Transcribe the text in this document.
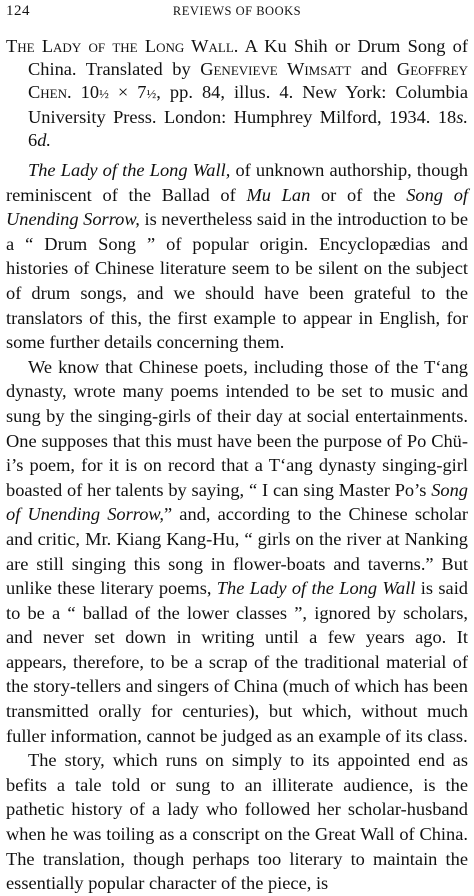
124	REVIEWS OF BOOKS
The Lady of the Long Wall. A Ku Shih or Drum Song of China. Translated by Genevieve Wimsatt and Geoffrey Chen. 10½ × 7½, pp. 84, illus. 4. New York: Columbia University Press. London: Humphrey Milford, 1934. 18s. 6d.

The Lady of the Long Wall, of unknown authorship, though reminiscent of the Ballad of Mu Lan or of the Song of Unending Sorrow, is nevertheless said in the introduction to be a “ Drum Song ” of popular origin. Encyclopædias and histories of Chinese literature seem to be silent on the subject of drum songs, and we should have been grateful to the translators of this, the first example to appear in English, for some further details concerning them.

We know that Chinese poets, including those of the T‘ang dynasty, wrote many poems intended to be set to music and sung by the singing-girls of their day at social entertainments. One supposes that this must have been the purpose of Po Chü-i’s poem, for it is on record that a T‘ang dynasty singing-girl boasted of her talents by saying, “ I can sing Master Po’s Song of Unending Sorrow,” and, according to the Chinese scholar and critic, Mr. Kiang Kang-Hu, “ girls on the river at Nanking are still singing this song in flower-boats and taverns.” But unlike these literary poems, The Lady of the Long Wall is said to be a “ ballad of the lower classes ”, ignored by scholars, and never set down in writing until a few years ago. It appears, therefore, to be a scrap of the traditional material of the story-tellers and singers of China (much of which has been transmitted orally for centuries), but which, without much fuller information, cannot be judged as an example of its class.

The story, which runs on simply to its appointed end as befits a tale told or sung to an illiterate audience, is the pathetic history of a lady who followed her scholar-husband when he was toiling as a conscript on the Great Wall of China. The translation, though perhaps too literary to maintain the essentially popular character of the piece, is
